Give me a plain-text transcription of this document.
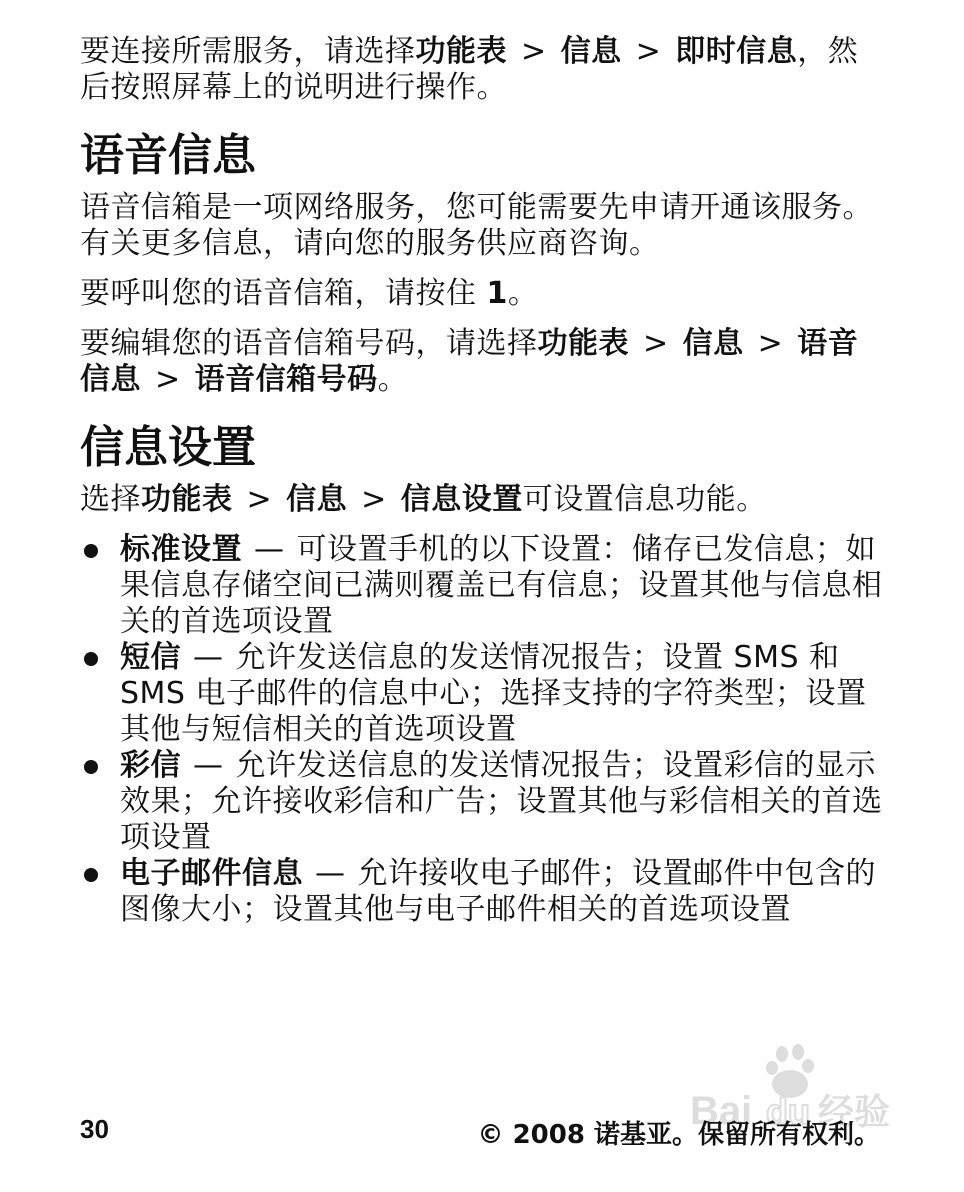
要连接所需服务，请选择功能表 > 信息 > 即时信息，然后按照屏幕上的说明进行操作。

语音信息

语音信箱是一项网络服务，您可能需要先申请开通该服务。有关更多信息，请向您的服务供应商咨询。

要呼叫您的语音信箱，请按住 1。

要编辑您的语音信箱号码，请选择功能表 > 信息 > 语音信息 > 语音信箱号码。

信息设置

选择功能表 > 信息 > 信息设置可设置信息功能。

标准设置 — 可设置手机的以下设置：储存已发信息；如果信息存储空间已满则覆盖已有信息；设置其他与信息相关的首选项设置
短信 — 允许发送信息的发送情况报告；设置 SMS 和 SMS 电子邮件的信息中心；选择支持的字符类型；设置其他与短信相关的首选项设置
彩信 — 允许发送信息的发送情况报告；设置彩信的显示效果；允许接收彩信和广告；设置其他与彩信相关的首选项设置
电子邮件信息 — 允许接收电子邮件；设置邮件中包含的图像大小；设置其他与电子邮件相关的首选项设置
Bai du 经验
30	© 2008 诺基亚。保留所有权利。
